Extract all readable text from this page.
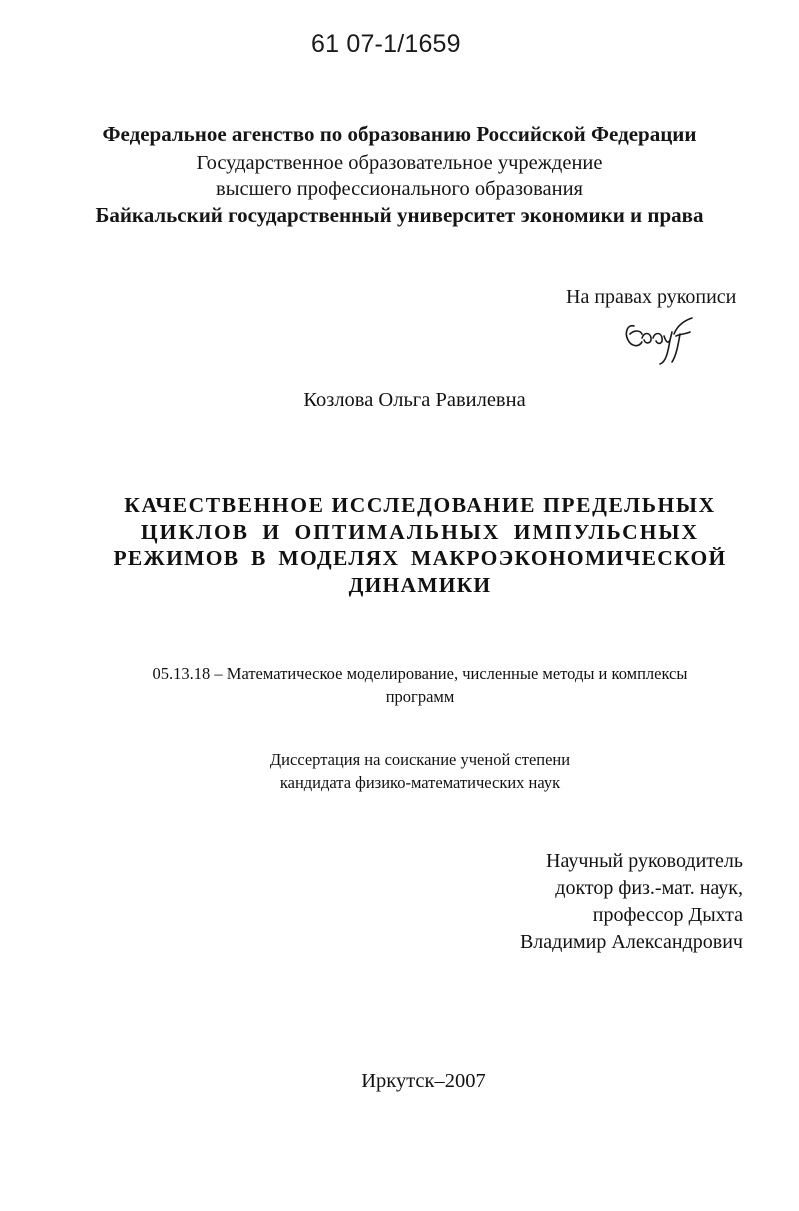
61 07-1/1659
Федеральное агенство по образованию Российской Федерации
Государственное образовательное учреждение
высшего профессионального образования
Байкальский государственный университет экономики и права
На правах рукописи
Козлова Ольга Равилевна
КАЧЕСТВЕННОЕ ИССЛЕДОВАНИЕ ПРЕДЕЛЬНЫХ
ЦИКЛОВ И ОПТИМАЛЬНЫХ ИМПУЛЬСНЫХ
РЕЖИМОВ В МОДЕЛЯХ МАКРОЭКОНОМИЧЕСКОЙ
ДИНАМИКИ
05.13.18 – Математическое моделирование, численные методы и комплексы программ
Диссертация на соискание ученой степени
кандидата физико-математических наук
Научный руководитель
доктор физ.-мат. наук,
профессор Дыхта
Владимир Александрович
Иркутск–2007
